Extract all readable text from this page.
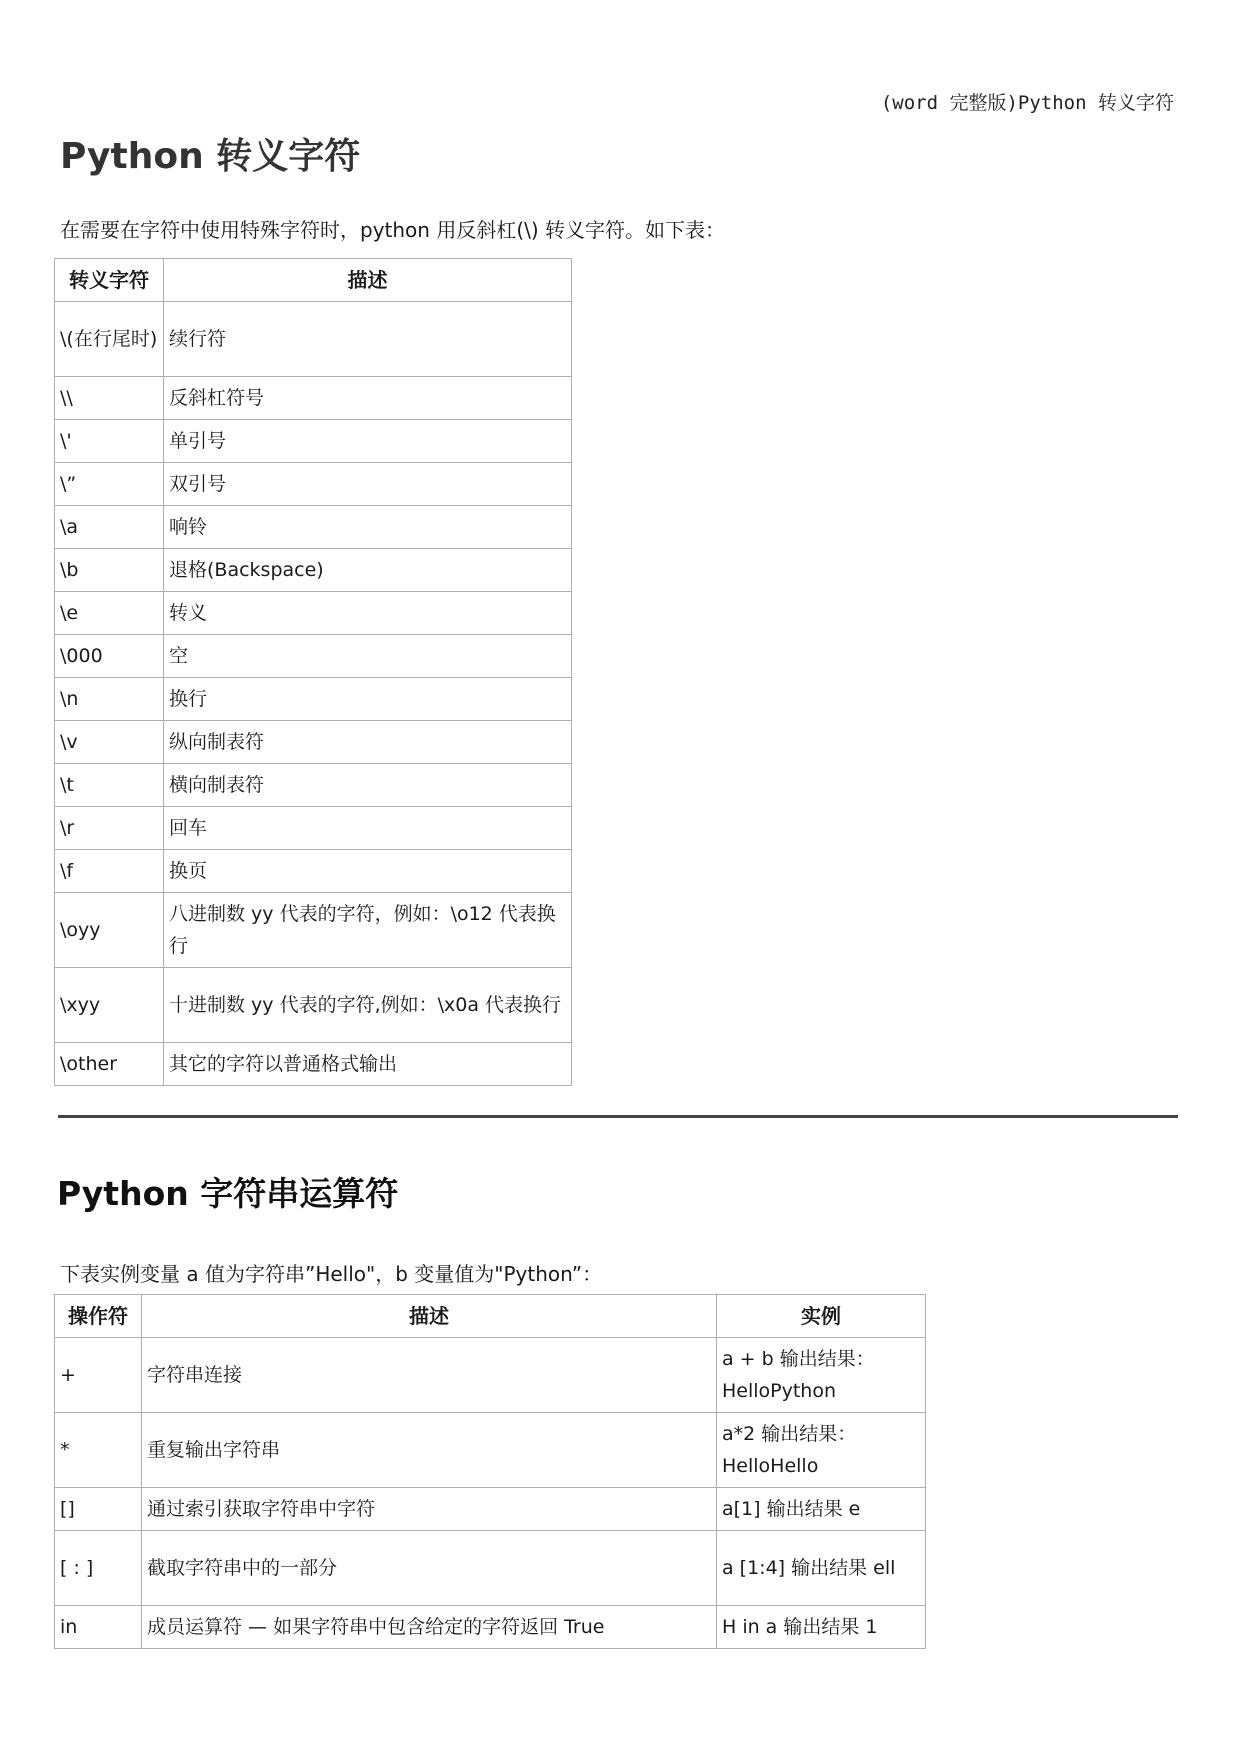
(word 完整版)Python 转义字符
Python 转义字符

在需要在字符中使用特殊字符时，python 用反斜杠(\) 转义字符。如下表：

转义字符	描述
\(在行尾时)	续行符
\\	反斜杠符号
\'	单引号
\”	双引号
\a	响铃
\b	退格(Backspace)
\e	转义
\000	空
\n	换行
\v	纵向制表符
\t	横向制表符
\r	回车
\f	换页
\oyy	八进制数 yy 代表的字符，例如：\o12 代表换行
\xyy	十进制数 yy 代表的字符,例如：\x0a 代表换行
\other	其它的字符以普通格式输出
Python 字符串运算符

下表实例变量 a 值为字符串”Hello"，b 变量值为"Python”：

操作符	描述	实例
+	字符串连接	a + b 输出结果：HelloPython
*	重复输出字符串	a*2 输出结果：HelloHello
[]	通过索引获取字符串中字符	a[1] 输出结果 e
[ : ]	截取字符串中的一部分	a [1:4] 输出结果 ell
in	成员运算符 — 如果字符串中包含给定的字符返回 True	H in a 输出结果 1
